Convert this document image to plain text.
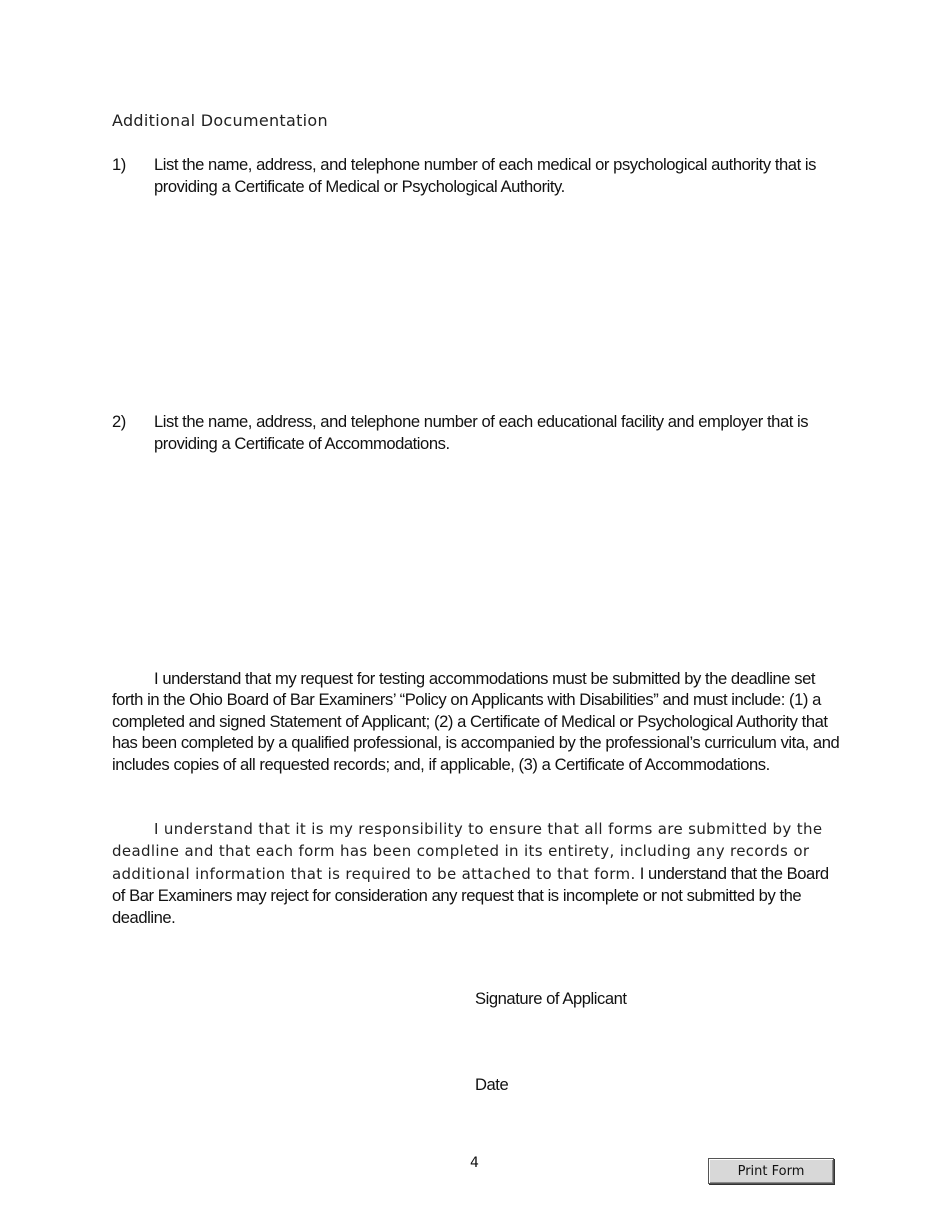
Additional Documentation
1) List the name, address, and telephone number of each medical or psychological authority that is providing a Certificate of Medical or Psychological Authority.
2) List the name, address, and telephone number of each educational facility and employer that is providing a Certificate of Accommodations.
I understand that my request for testing accommodations must be submitted by the deadline set forth in the Ohio Board of Bar Examiners’ “Policy on Applicants with Disabilities” and must include: (1) a completed and signed Statement of Applicant; (2) a Certificate of Medical or Psychological Authority that has been completed by a qualified professional, is accompanied by the professional’s curriculum vita, and includes copies of all requested records; and, if applicable, (3) a Certificate of Accommodations.
I understand that it is my responsibility to ensure that all forms are submitted by the deadline and that each form has been completed in its entirety, including any records or additional information that is required to be attached to that form. I understand that the Board of Bar Examiners may reject for consideration any request that is incomplete or not submitted by the deadline.
Signature of Applicant
Date
4	Print Form
